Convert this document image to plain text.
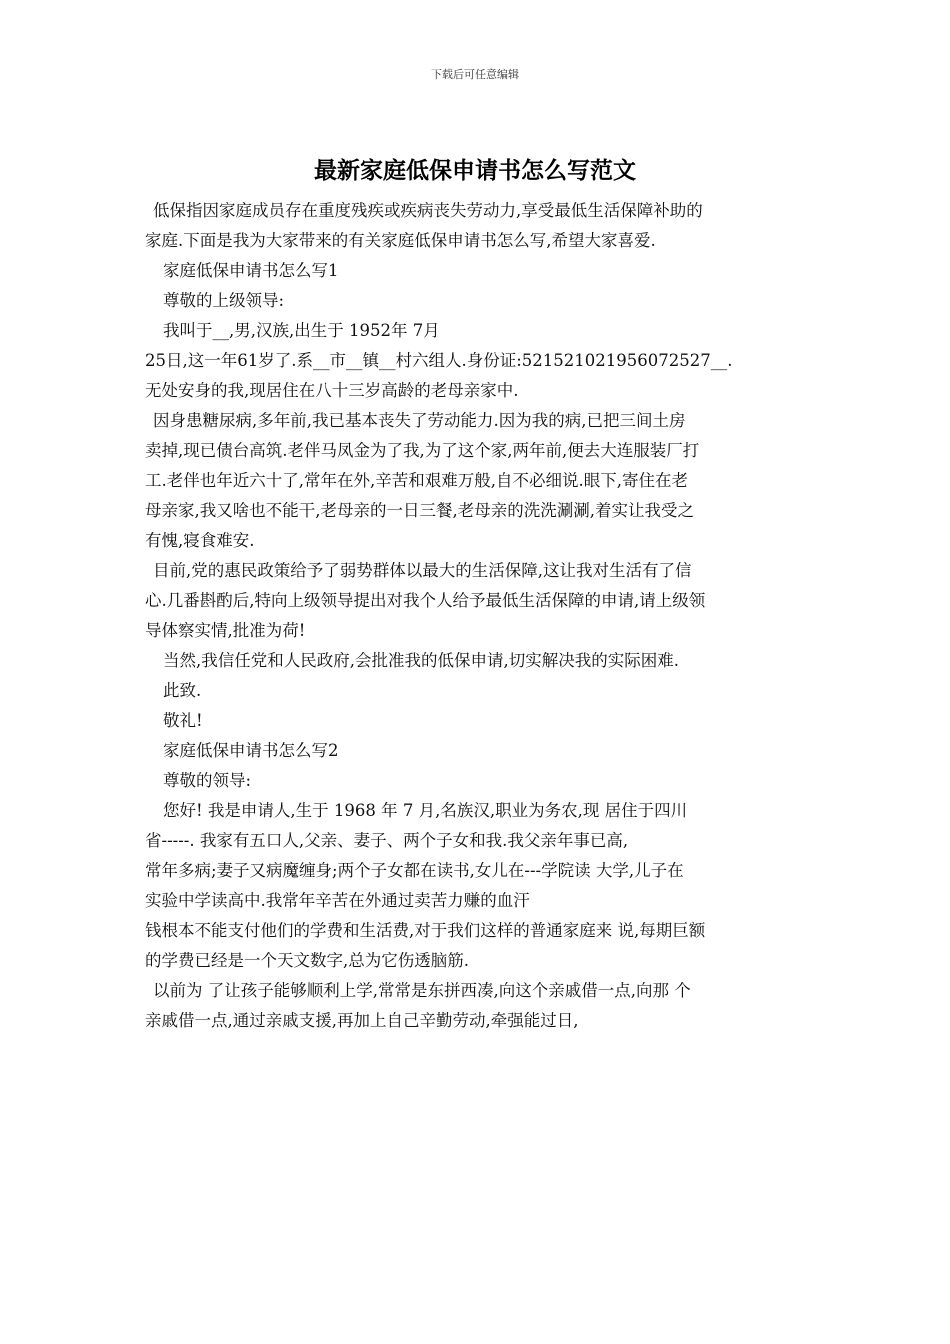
下载后可任意编辑
最新家庭低保申请书怎么写范文

低保指因家庭成员存在重度残疾或疾病丧失劳动力,享受最低生活保障补助的

家庭.下面是我为大家带来的有关家庭低保申请书怎么写,希望大家喜爱.

家庭低保申请书怎么写1

尊敬的上级领导:

我叫于__,男,汉族,出生于 1952年 7月

25日,这一年61岁了.系__市__镇__村六组人.身份证:521521021956072527__.

无处安身的我,现居住在八十三岁高龄的老母亲家中.

因身患糖尿病,多年前,我已基本丧失了劳动能力.因为我的病,已把三间土房

卖掉,现已债台高筑.老伴马凤金为了我,为了这个家,两年前,便去大连服装厂打

工.老伴也年近六十了,常年在外,辛苦和艰难万般,自不必细说.眼下,寄住在老

母亲家,我又啥也不能干,老母亲的一日三餐,老母亲的洗洗涮涮,着实让我受之

有愧,寝食难安.

目前,党的惠民政策给予了弱势群体以最大的生活保障,这让我对生活有了信

心.几番斟酌后,特向上级领导提出对我个人给予最低生活保障的申请,请上级领

导体察实情,批准为荷!

当然,我信任党和人民政府,会批准我的低保申请,切实解决我的实际困难.

此致.

敬礼!

家庭低保申请书怎么写2

尊敬的领导:

您好! 我是申请人,生于 1968 年 7 月,名族汉,职业为务农,现 居住于四川

省-----. 我家有五口人,父亲、妻子、两个子女和我.我父亲年事已高,

常年多病;妻子又病魔缠身;两个子女都在读书,女儿在---学院读 大学,儿子在

实验中学读高中.我常年辛苦在外通过卖苦力赚的血汗

钱根本不能支付他们的学费和生活费,对于我们这样的普通家庭来 说,每期巨额

的学费已经是一个天文数字,总为它伤透脑筋.

以前为 了让孩子能够顺利上学,常常是东拼西凑,向这个亲戚借一点,向那 个

亲戚借一点,通过亲戚支援,再加上自己辛勤劳动,牵强能过日,
